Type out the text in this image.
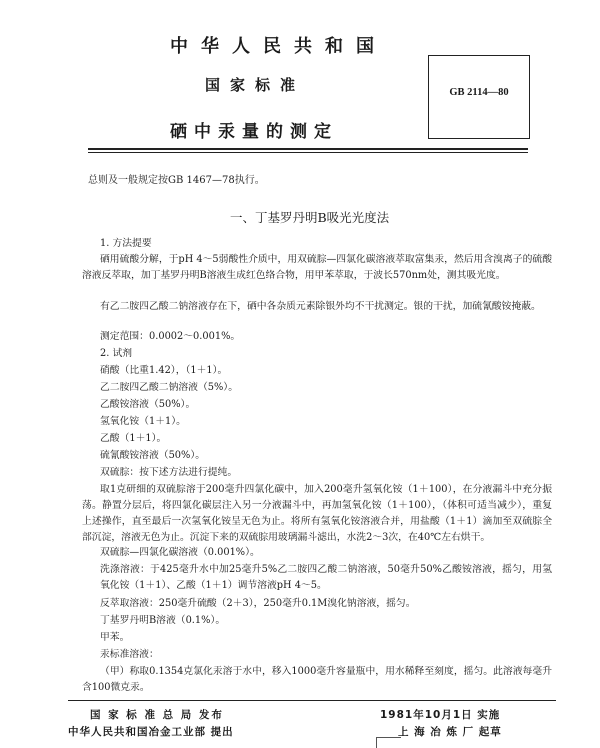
中华人民共和国
国家标准
硒中汞量的测定
GB 2114—80
总则及一般规定按GB 1467—78执行。
一、丁基罗丹明B吸光光度法
1. 方法提要
硒用硫酸分解，于pH 4～5弱酸性介质中，用双硫腙—四氯化碳溶液萃取富集汞，然后用含溴离子的硫酸溶液反萃取，加丁基罗丹明B溶液生成红色络合物，用甲苯萃取，于波长570nm处，测其吸光度。
有乙二胺四乙酸二钠溶液存在下，硒中各杂质元素除银外均不干扰测定。银的干扰，加硫氰酸铵掩蔽。
测定范围：0.0002～0.001%。
2. 试剂
硝酸（比重1.42），（1＋1）。
乙二胺四乙酸二钠溶液（5%）。
乙酸铵溶液（50%）。
氢氧化铵（1＋1）。
乙酸（1＋1）。
硫氰酸铵溶液（50%）。
双硫腙：按下述方法进行提纯。
取1克研细的双硫腙溶于200毫升四氯化碳中，加入200毫升氢氧化铵（1＋100），在分液漏斗中充分振荡。静置分层后，将四氯化碳层注入另一分液漏斗中，再加氢氧化铵（1＋100），（体积可适当减少），重复上述操作，直至最后一次氢氧化铵呈无色为止。将所有氢氧化铵溶液合并，用盐酸（1＋1）滴加至双硫腙全部沉淀，溶液无色为止。沉淀下来的双硫腙用玻璃漏斗滤出，水洗2～3次，在40℃左右烘干。
双硫腙—四氯化碳溶液（0.001%）。
洗涤溶液：于425毫升水中加25毫升5%乙二胺四乙酸二钠溶液，50毫升50%乙酸铵溶液，摇匀，用氢氧化铵（1＋1）、乙酸（1＋1）调节溶液pH 4～5。
反萃取溶液：250毫升硫酸（2＋3），250毫升0.1M溴化钠溶液，摇匀。
丁基罗丹明B溶液（0.1%）。
甲苯。
汞标准溶液：
（甲）称取0.1354克氯化汞溶于水中，移入1000毫升容量瓶中，用水稀释至刻度，摇匀。此溶液每毫升含100微克汞。
国 家 标 准 总 局 发布
中华人民共和国冶金工业部 提出
1981年10月1日 实施
上 海 冶 炼 厂 起草
